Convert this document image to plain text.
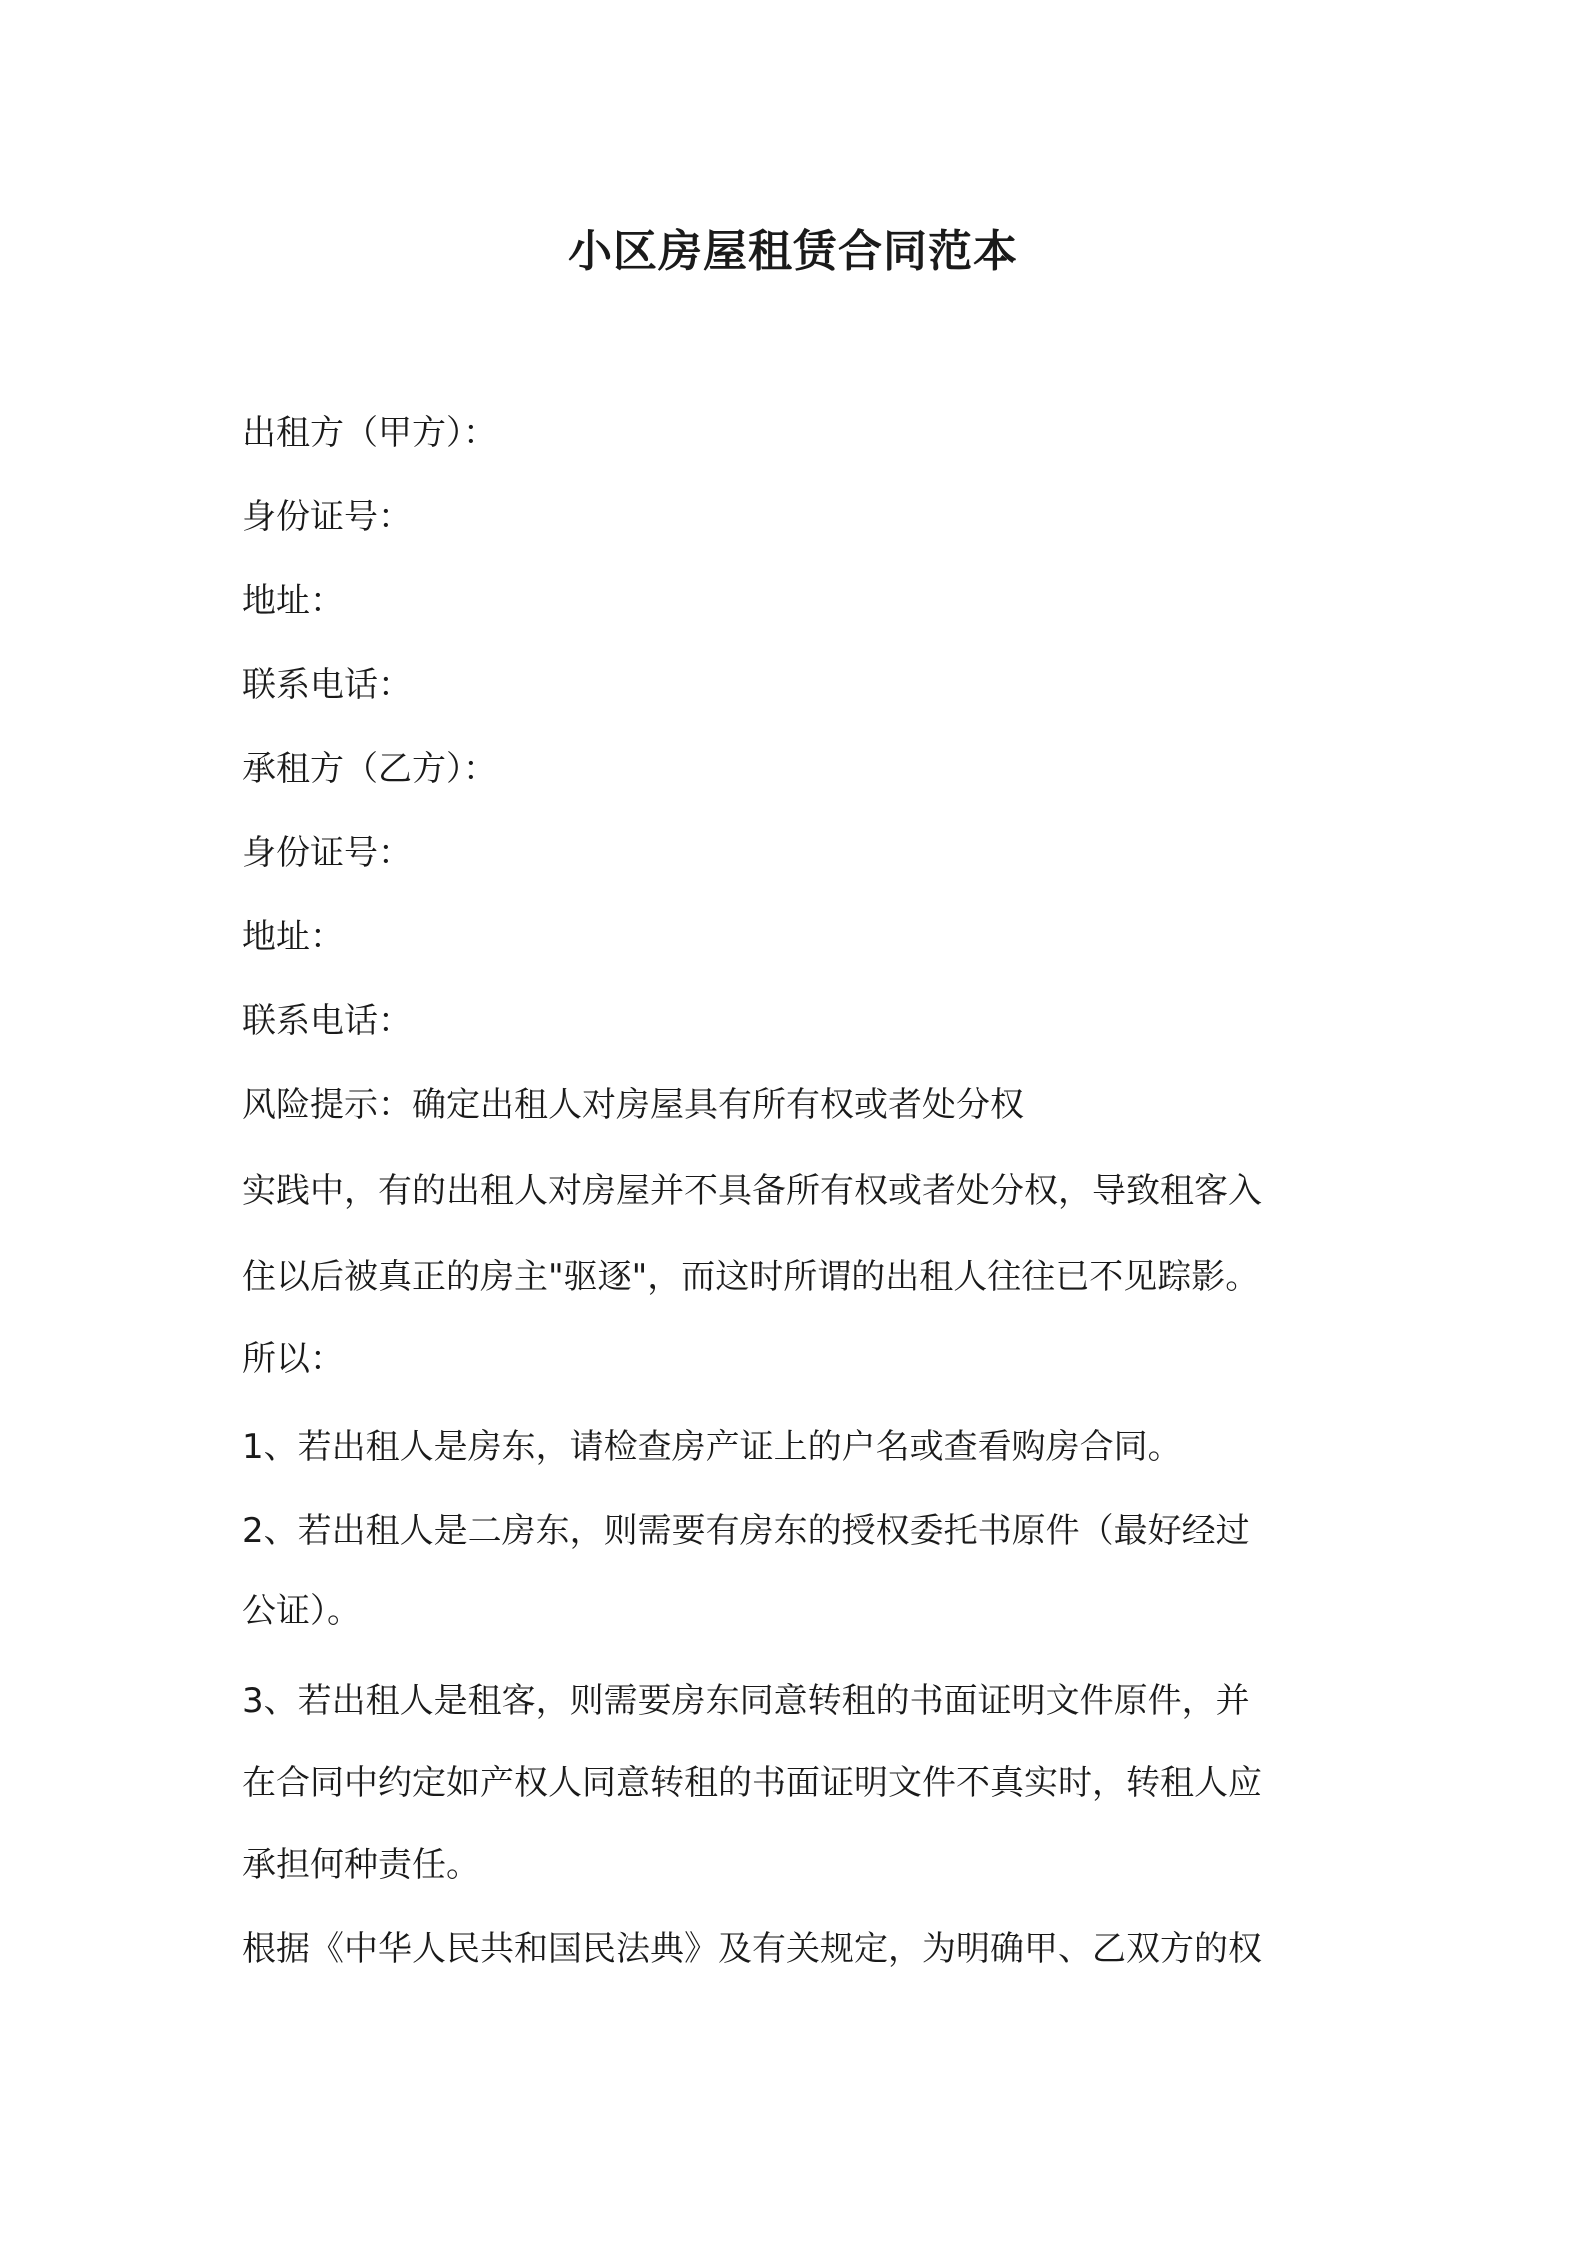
小区房屋租赁合同范本

出租方（甲方）：

身份证号：

地址：

联系电话：

承租方（乙方）：

身份证号：

地址：

联系电话：

风险提示：确定出租人对房屋具有所有权或者处分权

实践中，有的出租人对房屋并不具备所有权或者处分权，导致租客入

住以后被真正的房主"驱逐"，而这时所谓的出租人往往已不见踪影。

所以：

1、若出租人是房东，请检查房产证上的户名或查看购房合同。

2、若出租人是二房东，则需要有房东的授权委托书原件（最好经过

公证）。

3、若出租人是租客，则需要房东同意转租的书面证明文件原件，并

在合同中约定如产权人同意转租的书面证明文件不真实时，转租人应

承担何种责任。

根据《中华人民共和国民法典》及有关规定，为明确甲、乙双方的权
